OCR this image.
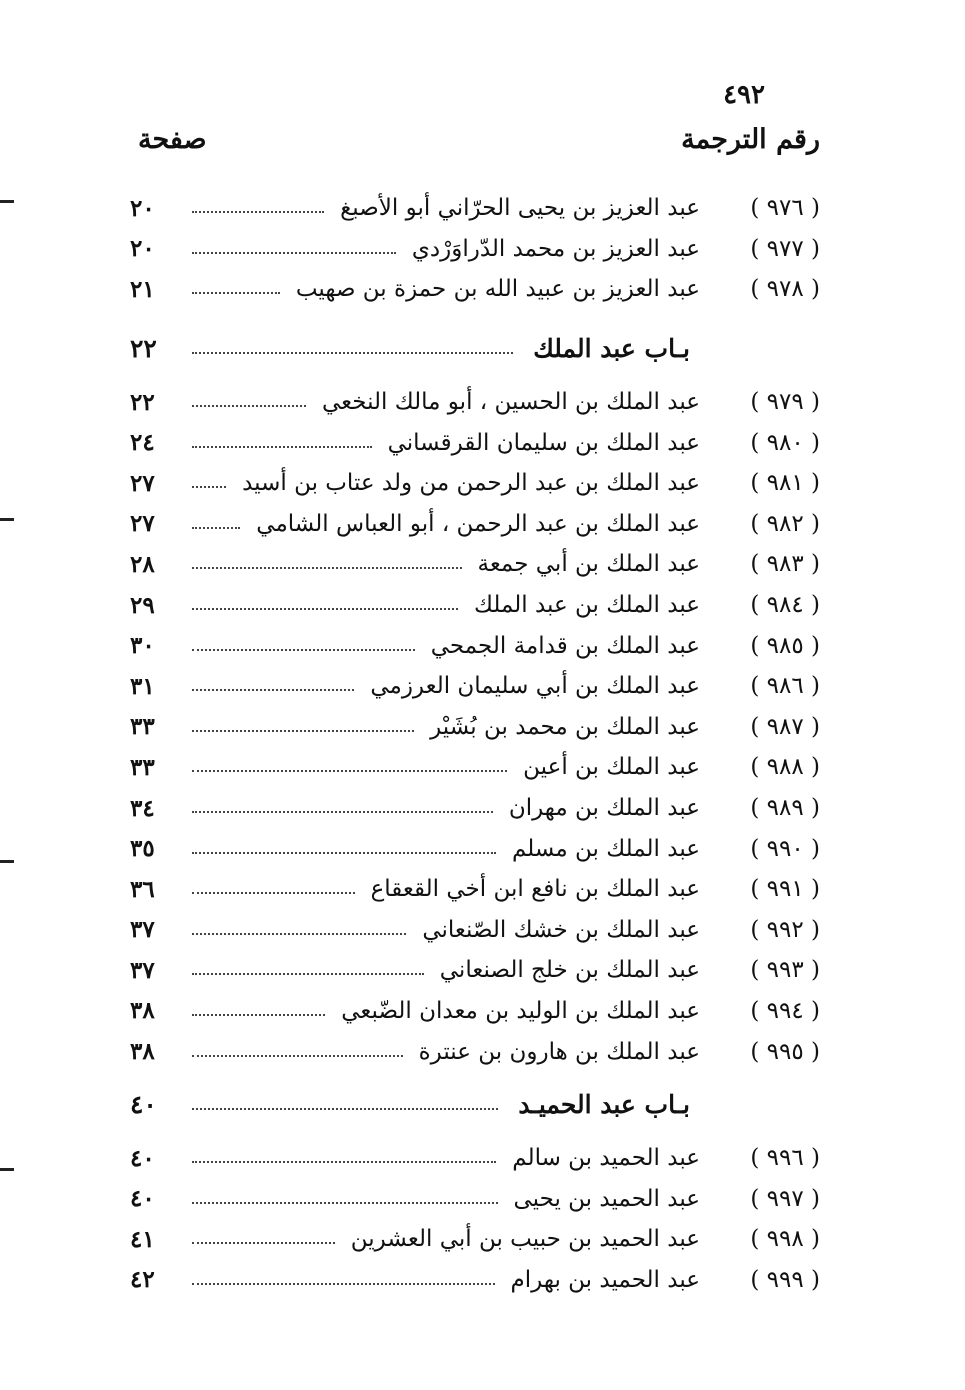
٤٩٢
رقم الترجمة
صفحة
( ٩٧٦ )
عبد العزيز بن يحيى الحرّاني أبو الأصبغ
٢٠
( ٩٧٧ )
عبد العزيز بن محمد الدّراوَرْدي
٢٠
( ٩٧٨ )
عبد العزيز بن عبيد الله بن حمزة بن صهيب
٢١
بـاب عبد الملك
٢٢
( ٩٧٩ )
عبد الملك بن الحسين ، أبو مالك النخعي
٢٢
( ٩٨٠ )
عبد الملك بن سليمان القرقساني
٢٤
( ٩٨١ )
عبد الملك بن عبد الرحمن من ولد عتاب بن أسيد
٢٧
( ٩٨٢ )
عبد الملك بن عبد الرحمن ، أبو العباس الشامي
٢٧
( ٩٨٣ )
عبد الملك بن أبي جمعة
٢٨
( ٩٨٤ )
عبد الملك بن عبد الملك
٢٩
( ٩٨٥ )
عبد الملك بن قدامة الجمحي
٣٠
( ٩٨٦ )
عبد الملك بن أبي سليمان العرزمي
٣١
( ٩٨٧ )
عبد الملك بن محمد بن بُشَيْر
٣٣
( ٩٨٨ )
عبد الملك بن أعين
٣٣
( ٩٨٩ )
عبد الملك بن مهران
٣٤
( ٩٩٠ )
عبد الملك بن مسلم
٣٥
( ٩٩١ )
عبد الملك بن نافع ابن أخي القعقاع
٣٦
( ٩٩٢ )
عبد الملك بن خشك الصّنعاني
٣٧
( ٩٩٣ )
عبد الملك بن خلج الصنعاني
٣٧
( ٩٩٤ )
عبد الملك بن الوليد بن معدان الضّبعي
٣٨
( ٩٩٥ )
عبد الملك بن هارون بن عنترة
٣٨
بـاب عبد الحميـد
٤٠
( ٩٩٦ )
عبد الحميد بن سالم
٤٠
( ٩٩٧ )
عبد الحميد بن يحيى
٤٠
( ٩٩٨ )
عبد الحميد بن حبيب بن أبي العشرين
٤١
( ٩٩٩ )
عبد الحميد بن بهرام
٤٢
